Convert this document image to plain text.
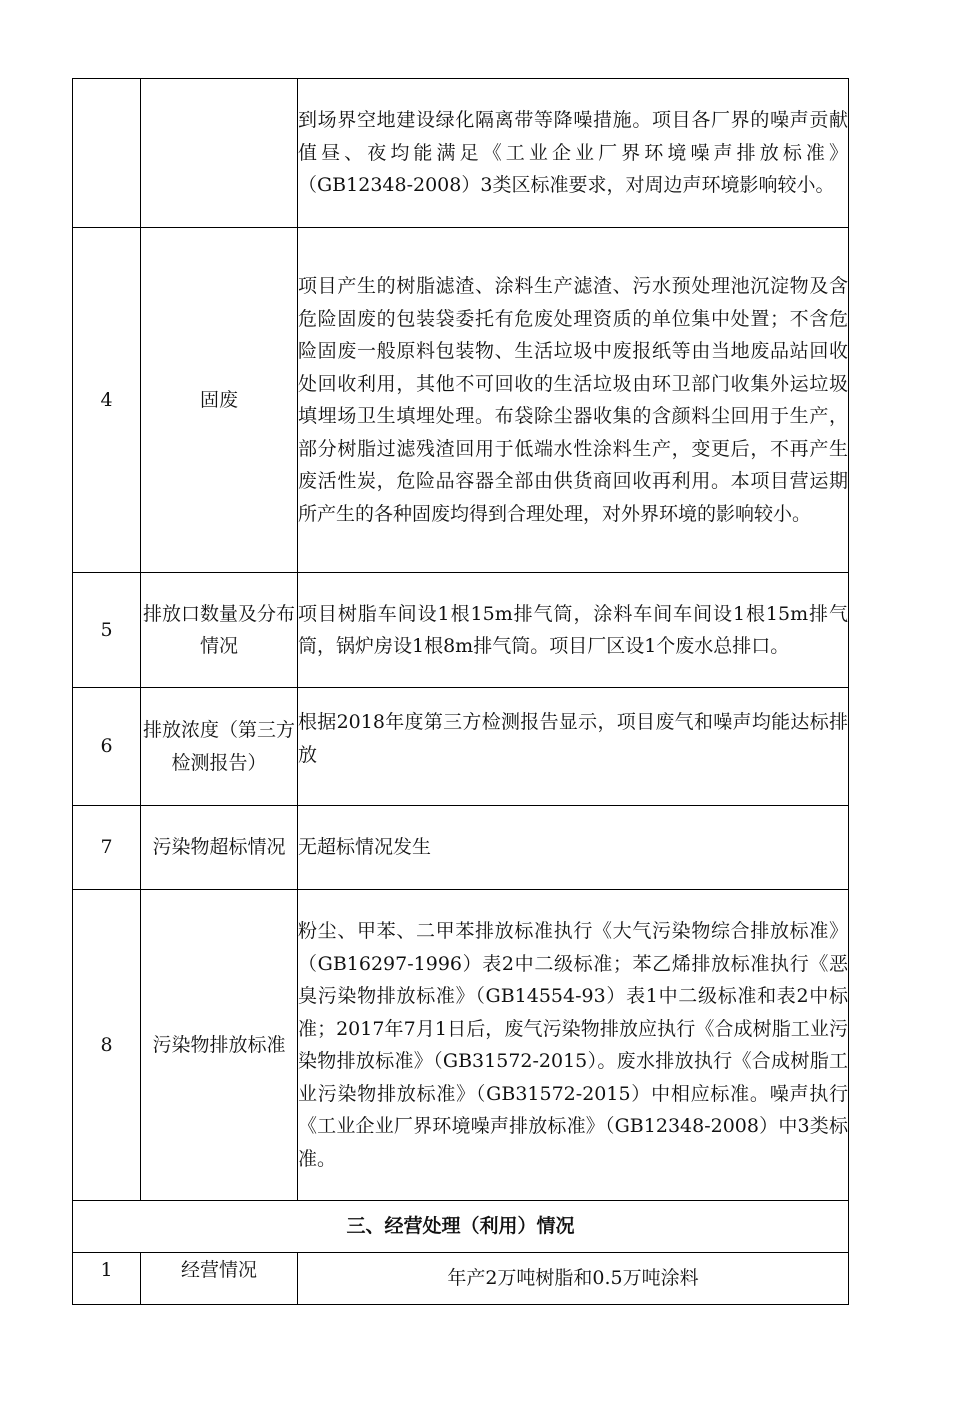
		到场界空地建设绿化隔离带等降噪措施。项目各厂界的噪声贡献值昼、夜均能满足《工业企业厂界环境噪声排放标准》（GB12348-2008）3类区标准要求，对周边声环境影响较小。
4	固废	项目产生的树脂滤渣、涂料生产滤渣、污水预处理池沉淀物及含危险固废的包装袋委托有危废处理资质的单位集中处置；不含危险固废一般原料包装物、生活垃圾中废报纸等由当地废品站回收处回收利用，其他不可回收的生活垃圾由环卫部门收集外运垃圾填埋场卫生填埋处理。布袋除尘器收集的含颜料尘回用于生产，部分树脂过滤残渣回用于低端水性涂料生产，变更后，不再产生废活性炭，危险品容器全部由供货商回收再利用。本项目营运期所产生的各种固废均得到合理处理，对外界环境的影响较小。
5	排放口数量及分布情况	项目树脂车间设1根15m排气筒，涂料车间车间设1根15m排气筒，锅炉房设1根8m排气筒。项目厂区设1个废水总排口。
6	排放浓度（第三方检测报告）	根据2018年度第三方检测报告显示，项目废气和噪声均能达标排放
7	污染物超标情况	无超标情况发生
8	污染物排放标准	粉尘、甲苯、二甲苯排放标准执行《大气污染物综合排放标准》（GB16297-1996）表2中二级标准；苯乙烯排放标准执行《恶臭污染物排放标准》（GB14554-93）表1中二级标准和表2中标准；2017年7月1日后，废气污染物排放应执行《合成树脂工业污染物排放标准》（GB31572-2015）。废水排放执行《合成树脂工业污染物排放标准》（GB31572-2015）中相应标准。噪声执行《工业企业厂界环境噪声排放标准》（GB12348-2008）中3类标准。
三、经营处理（利用）情况		
1	经营情况	年产2万吨树脂和0.5万吨涂料
